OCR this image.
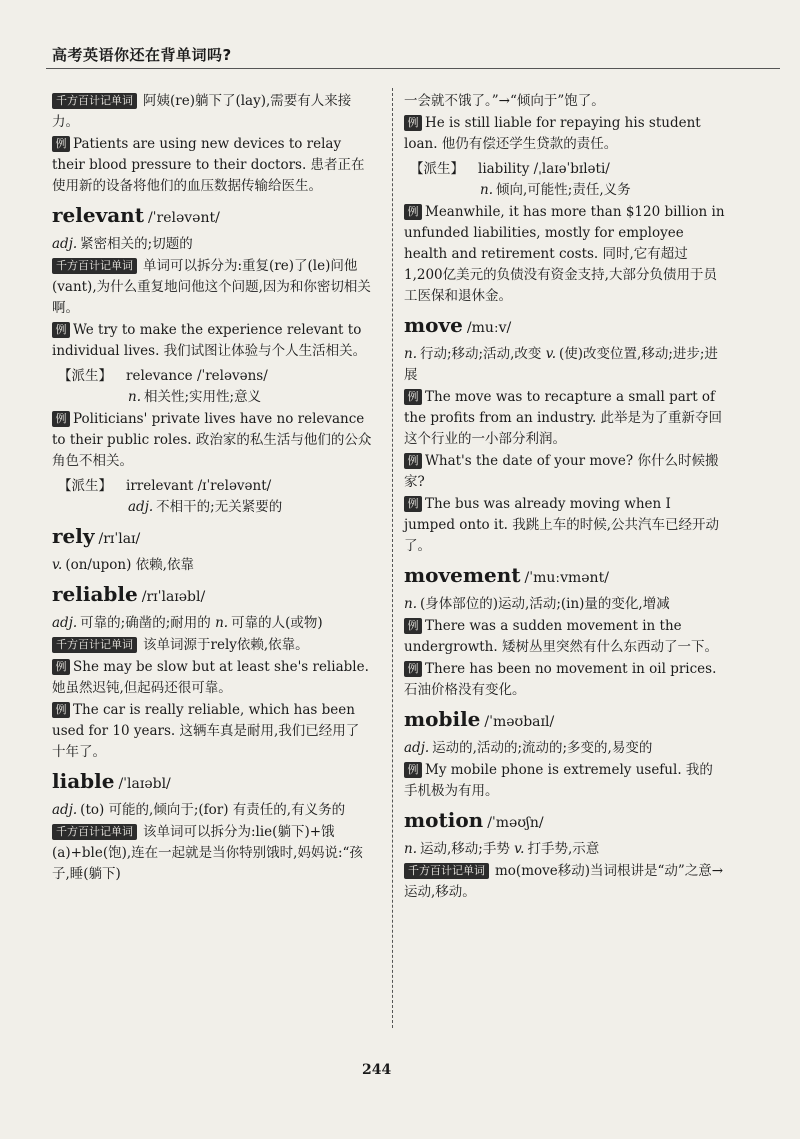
高考英语你还在背单词吗?

千方百计记单词 阿姨(re)躺下了(lay),需要有人来接力。

例 Patients are using new devices to relay their blood pressure to their doctors. 患者正在使用新的设备将他们的血压数据传输给医生。

relevant /ˈreləvənt/

adj. 紧密相关的;切题的

千方百计记单词 单词可以拆分为:重复(re)了(le)问他(vant),为什么重复地问他这个问题,因为和你密切相关啊。

例 We try to make the experience relevant to individual lives. 我们试图让体验与个人生活相关。

【派生】 relevance /ˈreləvəns/
n. 相关性;实用性;意义

例 Politicians' private lives have no relevance to their public roles. 政治家的私生活与他们的公众角色不相关。

【派生】 irrelevant /ɪˈreləvənt/
adj. 不相干的;无关紧要的
rely /rɪˈlaɪ/

v. (on/upon) 依赖,依靠

reliable /rɪˈlaɪəbl/

adj. 可靠的;确凿的;耐用的 n. 可靠的人(或物)

千方百计记单词 该单词源于rely依赖,依靠。

例 She may be slow but at least she's reliable. 她虽然迟钝,但起码还很可靠。

例 The car is really reliable, which has been used for 10 years. 这辆车真是耐用,我们已经用了十年了。

liable /ˈlaɪəbl/

adj. (to) 可能的,倾向于;(for) 有责任的,有义务的

千方百计记单词 该单词可以拆分为:lie(躺下)+饿(a)+ble(饱),连在一起就是当你特别饿时,妈妈说:“孩子,睡(躺下)

一会就不饿了。”→“倾向于”饱了。

例 He is still liable for repaying his student loan. 他仍有偿还学生贷款的责任。

【派生】 liability /ˌlaɪəˈbɪləti/
n. 倾向,可能性;责任,义务

例 Meanwhile, it has more than $120 billion in unfunded liabilities, mostly for employee health and retirement costs. 同时,它有超过1,200亿美元的负债没有资金支持,大部分负债用于员工医保和退休金。

move /muːv/

n. 行动;移动;活动,改变 v. (使)改变位置,移动;进步;进展

例 The move was to recapture a small part of the profits from an industry. 此举是为了重新夺回这个行业的一小部分利润。

例 What's the date of your move? 你什么时候搬家?

例 The bus was already moving when I jumped onto it. 我跳上车的时候,公共汽车已经开动了。

movement /ˈmuːvmənt/

n. (身体部位的)运动,活动;(in)量的变化,增减

例 There was a sudden movement in the undergrowth. 矮树丛里突然有什么东西动了一下。

例 There has been no movement in oil prices. 石油价格没有变化。

mobile /ˈməʊbaɪl/

adj. 运动的,活动的;流动的;多变的,易变的

例 My mobile phone is extremely useful. 我的手机极为有用。

motion /ˈməʊʃn/

n. 运动,移动;手势 v. 打手势,示意

千方百计记单词 mo(move移动)当词根讲是“动”之意→运动,移动。

244
